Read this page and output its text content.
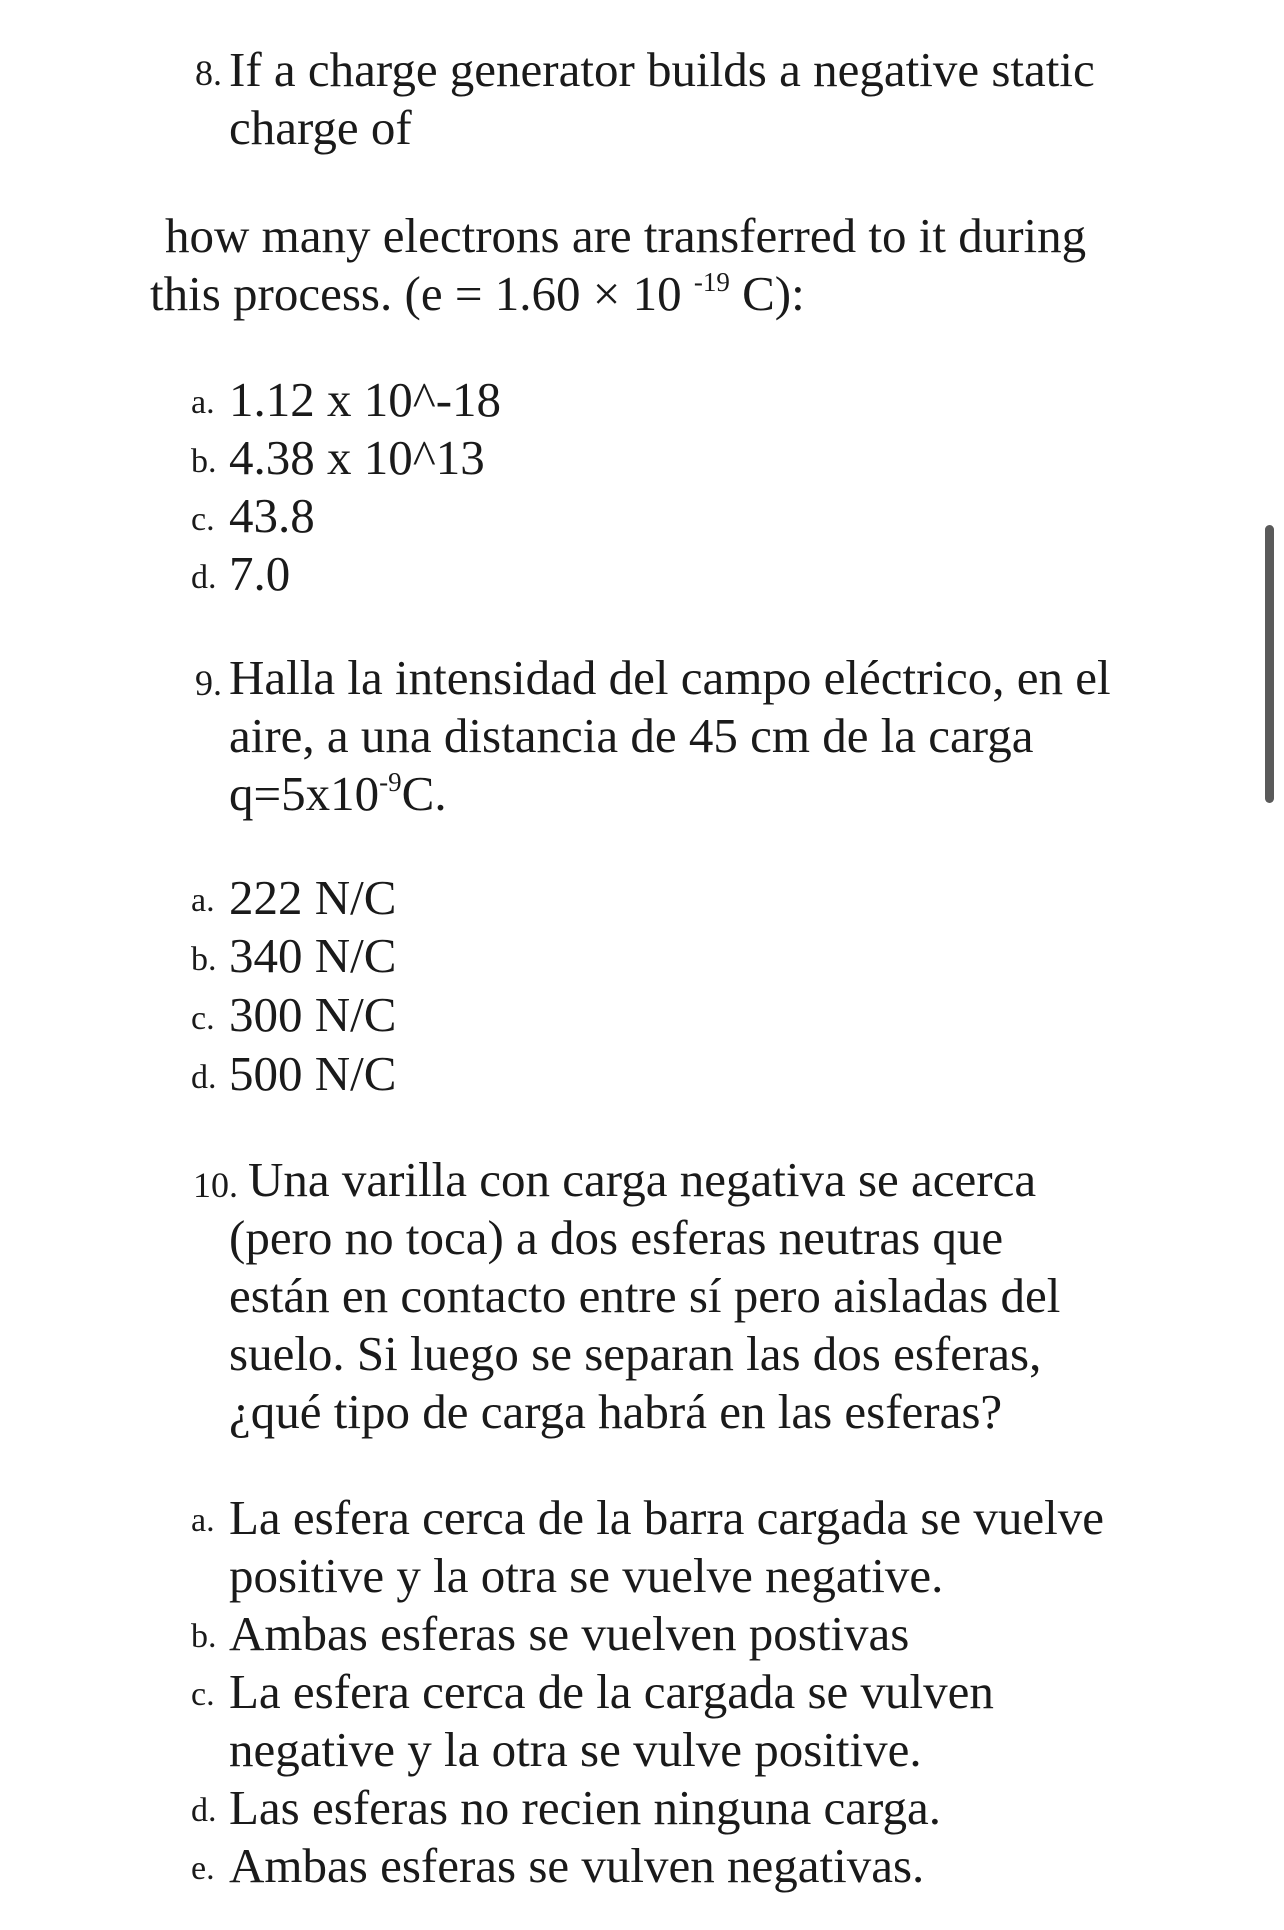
8. If a charge generator builds a negative static
charge of
how many electrons are transferred to it during
this process. (e = 1.60 × 10 $^{-19}$ C):
a. 1.12 x 10^-18
b. 4.38 x 10^13
c. 43.8
d. 7.0
9. Halla la intensidad del campo eléctrico, en el
aire, a una distancia de 45 cm de la carga
$q=5x10^{-9}C$.
a. 222 N/C
b. 340 N/C
c. 300 N/C
d. 500 N/C
10. Una varilla con carga negativa se acerca
(pero no toca) a dos esferas neutras que
están en contacto entre sí pero aisladas del
suelo. Si luego se separan las dos esferas,
¿qué tipo de carga habrá en las esferas?
a. La esfera cerca de la barra cargada se vuelve
positive y la otra se vuelve negative.
b. Ambas esferas se vuelven postivas
c. La esfera cerca de la cargada se vulven
negative y la otra se vulve positive.
d. Las esferas no recien ninguna carga.
e. Ambas esferas se vulven negativas.
